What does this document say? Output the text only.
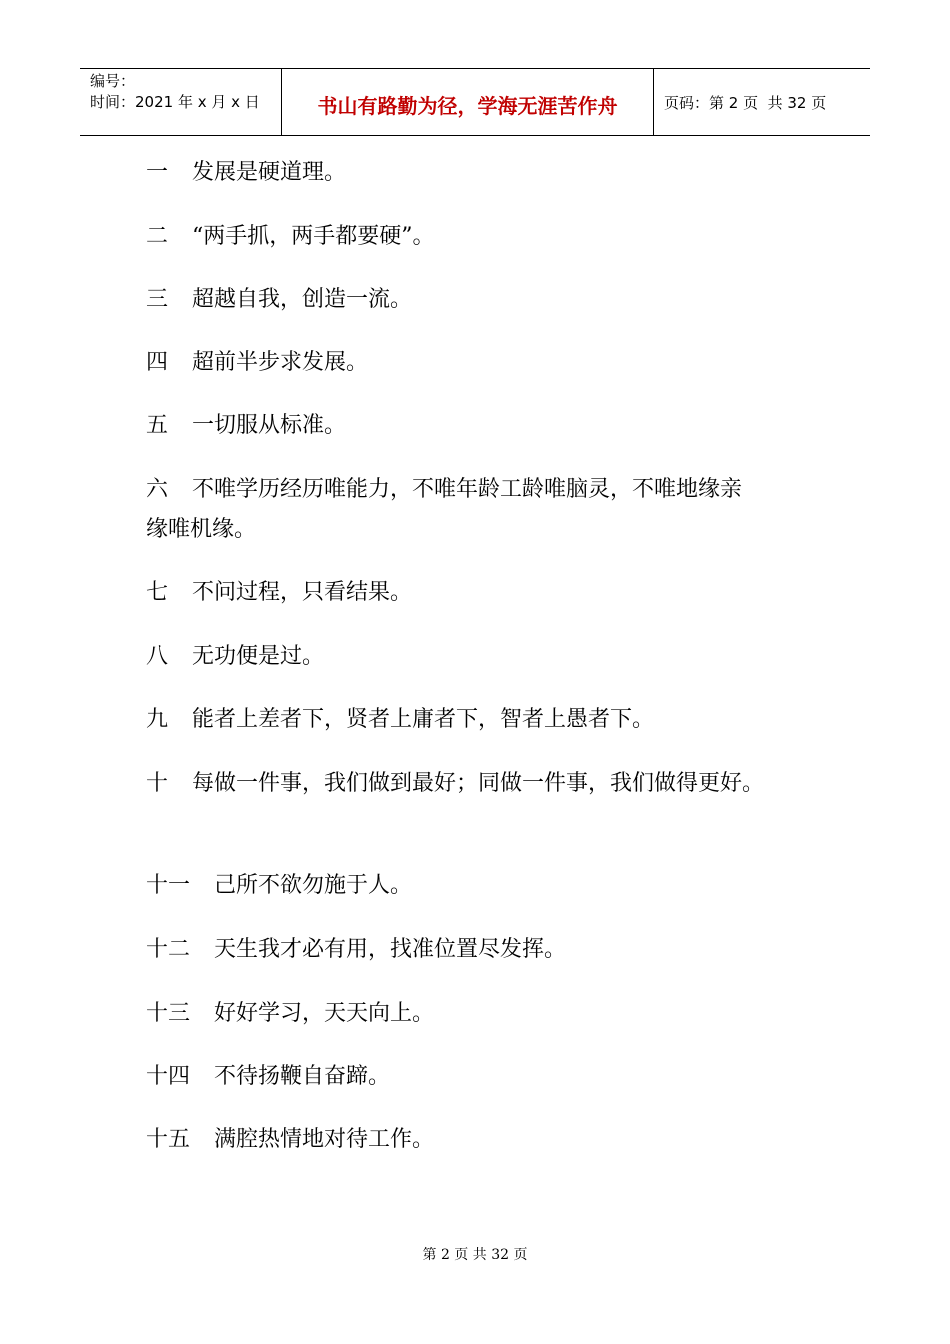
编号：
时间：2021 年 x 月 x 日	书山有路勤为径，学海无涯苦作舟	页码：第 2 页  共 32 页
一 发展是硬道理。
二 “两手抓，两手都要硬”。
三 超越自我，创造一流。
四 超前半步求发展。
五 一切服从标准。
六 不唯学历经历唯能力，不唯年龄工龄唯脑灵，不唯地缘亲
缘唯机缘。
七 不问过程，只看结果。
八 无功便是过。
九 能者上差者下，贤者上庸者下，智者上愚者下。
十 每做一件事，我们做到最好；同做一件事，我们做得更好。
十一 己所不欲勿施于人。
十二 天生我才必有用，找准位置尽发挥。
十三 好好学习，天天向上。
十四 不待扬鞭自奋蹄。
十五 满腔热情地对待工作。
第 2 页 共 32 页
